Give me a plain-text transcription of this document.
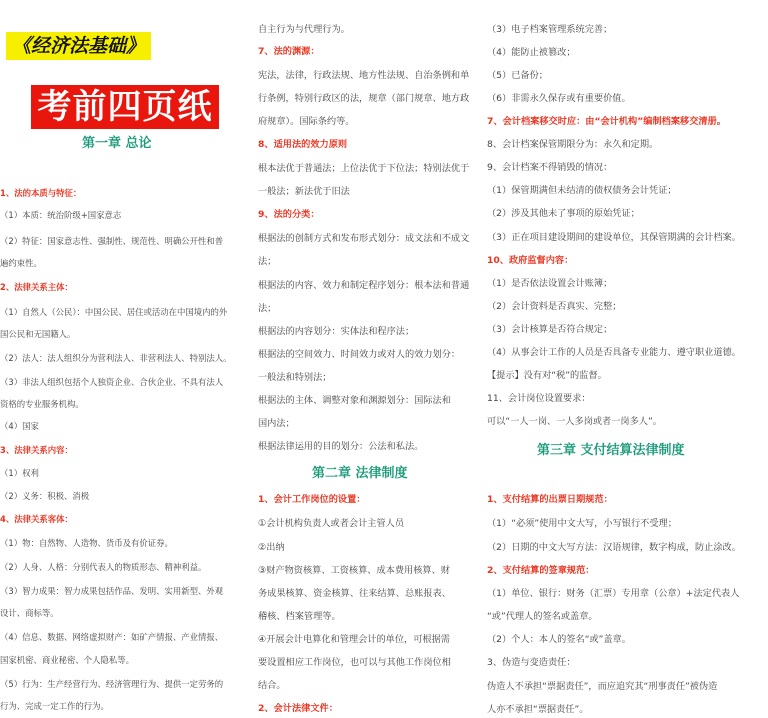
《经济法基础》
考前四页纸
第一章 总论
1、法的本质与特征：
（1）本质：统治阶级+国家意志
（2）特征：国家意志性、强制性、规范性、明确公开性和普
遍约束性。
2、法律关系主体：
（1）自然人（公民）：中国公民、居住或活动在中国境内的外
国公民和无国籍人。
（2）法人：法人组织分为营利法人、非营利法人、特别法人。
（3）非法人组织包括个人独资企业、合伙企业、不具有法人
资格的专业服务机构。
（4）国家
3、法律关系内容：
（1）权利
（2）义务：积极、消极
4、法律关系客体：
（1）物：自然物、人造物、货币及有价证券。
（2）人身、人格：分别代表人的物质形态、精神利益。
（3）智力成果：智力成果包括作品、发明、实用新型、外观
设计、商标等。
（4）信息、数据、网络虚拟财产：如矿产情报、产业情报、
国家机密、商业秘密、个人隐私等。
（5）行为：生产经营行为、经济管理行为、提供一定劳务的
行为、完成一定工作的行为。
自主行为与代理行为。
7、法的渊源：
宪法，法律，行政法规、地方性法规、自治条例和单
行条例，特别行政区的法，规章（部门规章、地方政
府规章）。国际条约等。
8、适用法的效力原则
根本法优于普通法；上位法优于下位法；特别法优于
一般法；新法优于旧法
9、法的分类：
根据法的创制方式和发布形式划分：成文法和不成文
法；
根据法的内容、效力和制定程序划分：根本法和普通
法；
根据法的内容划分：实体法和程序法；
根据法的空间效力、时间效力或对人的效力划分：
一般法和特别法；
根据法的主体、调整对象和渊源划分：国际法和
国内法；
根据法律运用的目的划分：公法和私法。
第二章 法律制度
1、会计工作岗位的设置：
①会计机构负责人或者会计主管人员
②出纳
③财产物资核算、工资核算、成本费用核算、财
务成果核算、资金核算、往来结算、总账报表、
稽核、档案管理等。
④开展会计电算化和管理会计的单位，可根据需
要设置相应工作岗位，也可以与其他工作岗位相
结合。
2、会计法律文件：
（3）电子档案管理系统完善；
（4）能防止被篡改；
（5）已备份；
（6）非需永久保存或有重要价值。
7、会计档案移交时应：由“会计机构”编制档案移交清册。
8、会计档案保管期限分为：永久和定期。
9、会计档案不得销毁的情况：
（1）保管期满但未结清的债权债务会计凭证；
（2）涉及其他未了事项的原始凭证；
（3）正在项目建设期间的建设单位，其保管期满的会计档案。
10、政府监督内容：
（1）是否依法设置会计账簿；
（2）会计资料是否真实、完整；
（3）会计核算是否符合规定；
（4）从事会计工作的人员是否具备专业能力、遵守职业道德。
【提示】没有对“税”的监督。
11、会计岗位设置要求：
可以“一人一岗、一人多岗或者一岗多人”。
第三章 支付结算法律制度
1、支付结算的出票日期规范：
（1）“必须”使用中文大写，小写银行不受理；
（2）日期的中文大写方法：汉语规律，数字构成，防止涂改。
2、支付结算的签章规范：
（1）单位、银行：财务（汇票）专用章（公章）+法定代表人
“或”代理人的签名或盖章。
（2）个人：本人的签名“或”盖章。
3、伪造与变造责任：
伪造人不承担“票据责任”，而应追究其“刑事责任”被伪造
人亦不承担“票据责任”。
